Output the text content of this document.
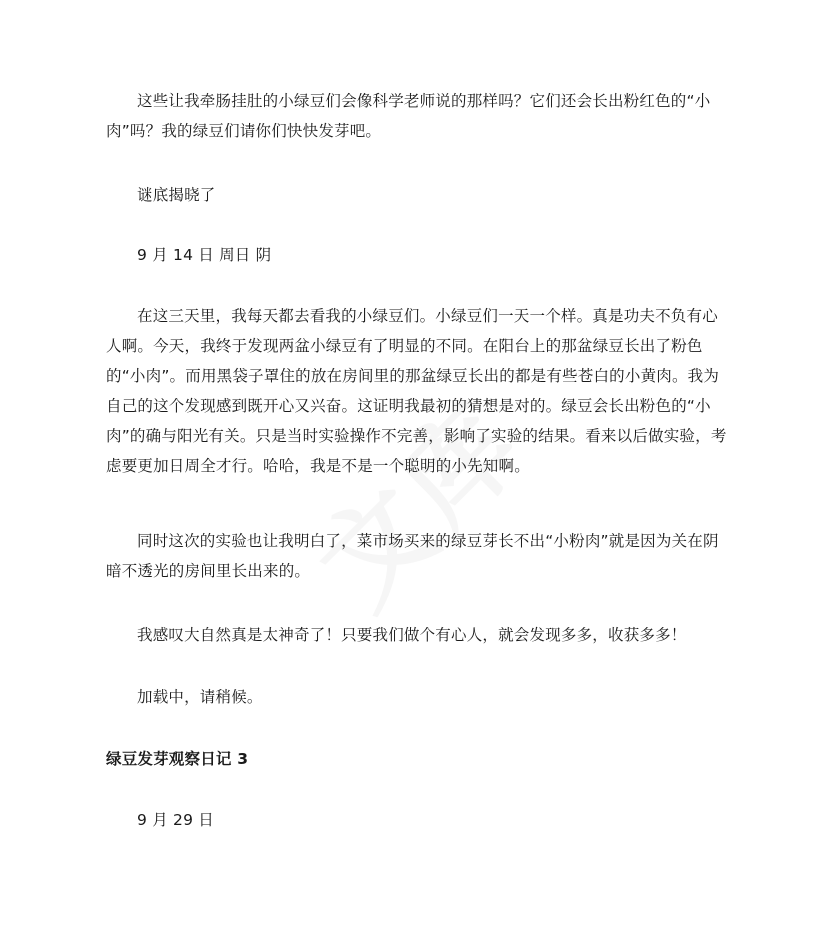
这些让我牵肠挂肚的小绿豆们会像科学老师说的那样吗？它们还会长出粉红色的“小肉”吗？我的绿豆们请你们快快发芽吧。

谜底揭晓了

9 月 14 日 周日 阴

在这三天里，我每天都去看我的小绿豆们。小绿豆们一天一个样。真是功夫不负有心人啊。今天，我终于发现两盆小绿豆有了明显的不同。在阳台上的那盆绿豆长出了粉色的“小肉”。而用黑袋子罩住的放在房间里的那盆绿豆长出的都是有些苍白的小黄肉。我为自己的这个发现感到既开心又兴奋。这证明我最初的猜想是对的。绿豆会长出粉色的“小肉”的确与阳光有关。只是当时实验操作不完善，影响了实验的结果。看来以后做实验，考虑要更加日周全才行。哈哈，我是不是一个聪明的小先知啊。

同时这次的实验也让我明白了，菜市场买来的绿豆芽长不出“小粉肉”就是因为关在阴暗不透光的房间里长出来的。

我感叹大自然真是太神奇了！只要我们做个有心人，就会发现多多，收获多多！

加载中，请稍候。

绿豆发芽观察日记 3

9 月 29 日
